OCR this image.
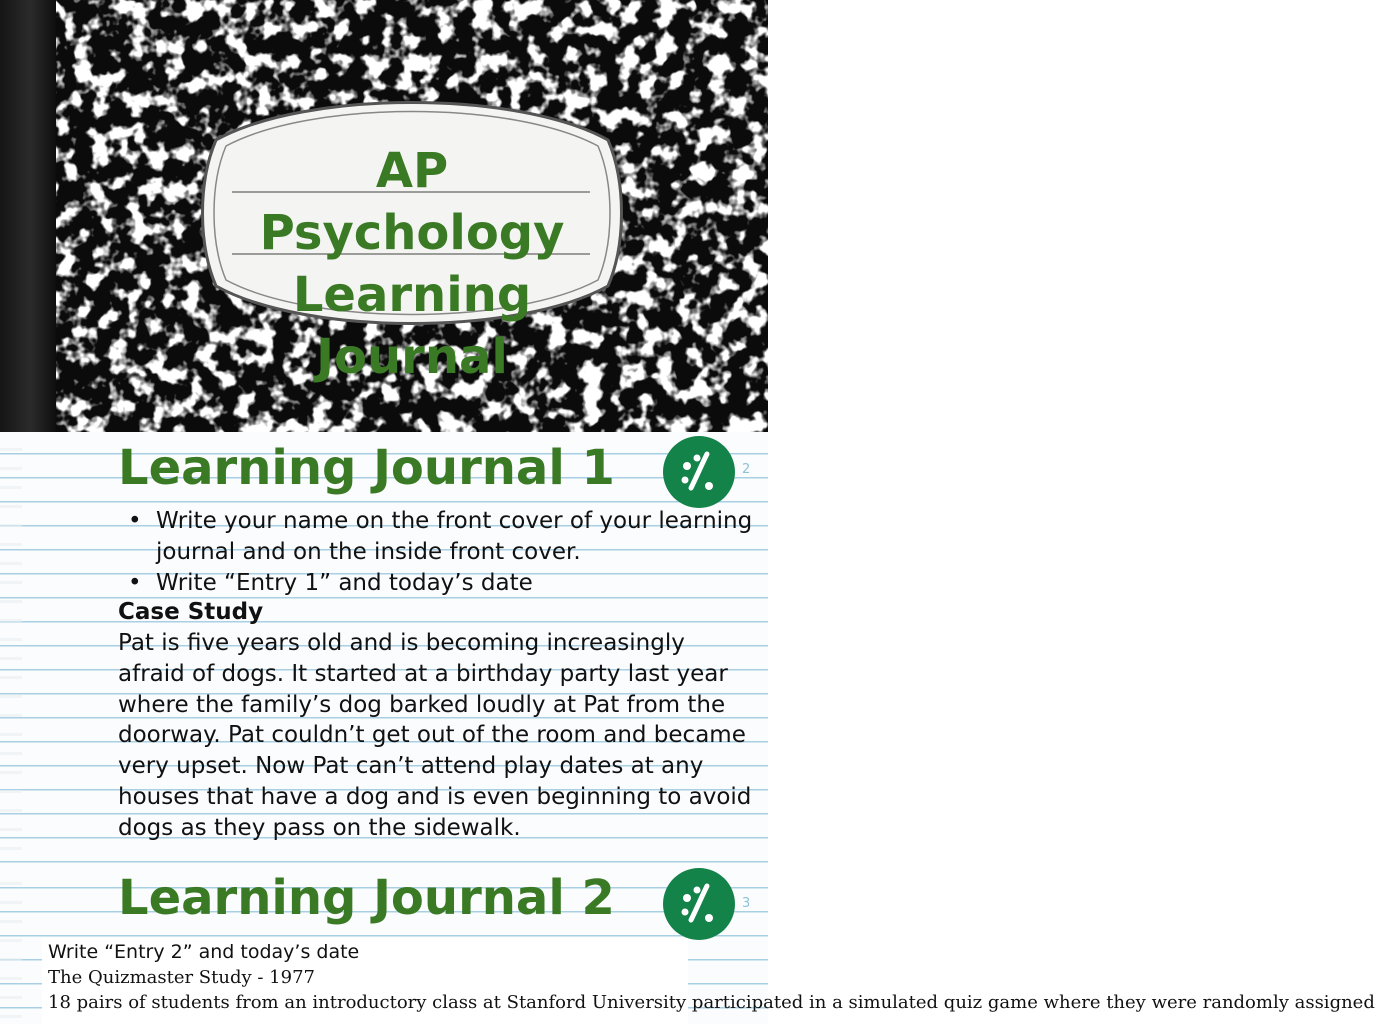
AP
Psychology
Learning
Journal
Learning Journal 1	2
• Write your name on the front cover of your learning journal and on the inside front cover.
• Write “Entry 1” and today’s date
Case Study
Pat is five years old and is becoming increasingly afraid of dogs. It started at a birthday party last year where the family’s dog barked loudly at Pat from the doorway. Pat couldn’t get out of the room and became very upset. Now Pat can’t attend play dates at any houses that have a dog and is even beginning to avoid dogs as they pass on the sidewalk.
Learning Journal 2	3
Write “Entry 2” and today’s date
The Quizmaster Study - 1977
18 pairs of students from an introductory class at Stanford University participated in a simulated quiz game where they were randomly assigned
